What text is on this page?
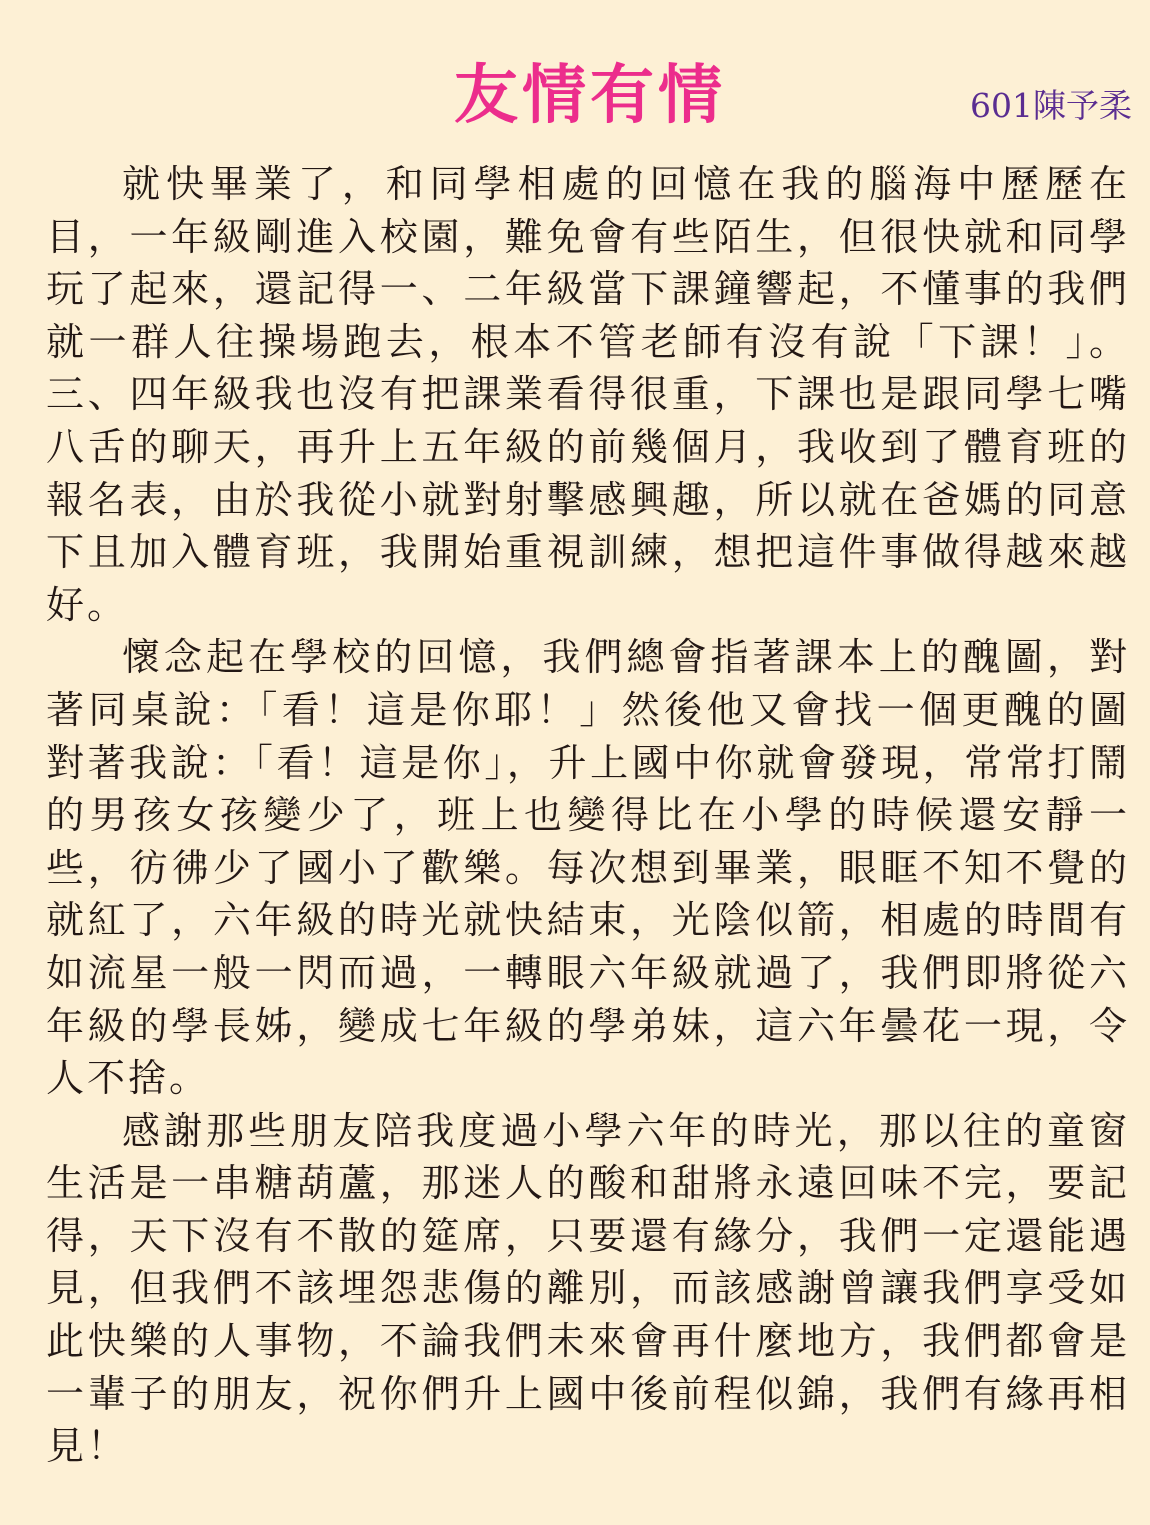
友情有情	601陳予柔

就快畢業了，和同學相處的回憶在我的腦海中歷歷在目，一年級剛進入校園，難免會有些陌生，但很快就和同學玩了起來，還記得一、二年級當下課鐘響起，不懂事的我們就一群人往操場跑去，根本不管老師有沒有說「下課！」。三、四年級我也沒有把課業看得很重，下課也是跟同學七嘴八舌的聊天，再升上五年級的前幾個月，我收到了體育班的報名表，由於我從小就對射擊感興趣，所以就在爸媽的同意下且加入體育班，我開始重視訓練，想把這件事做得越來越好。

懷念起在學校的回憶，我們總會指著課本上的醜圖，對著同桌說：「看！這是你耶！」然後他又會找一個更醜的圖對著我說：「看！這是你」，升上國中你就會發現，常常打鬧的男孩女孩變少了，班上也變得比在小學的時候還安靜一些，彷彿少了國小了歡樂。每次想到畢業，眼眶不知不覺的就紅了，六年級的時光就快結束，光陰似箭，相處的時間有如流星一般一閃而過，一轉眼六年級就過了，我們即將從六年級的學長姊，變成七年級的學弟妹，這六年曇花一現，令人不捨。

感謝那些朋友陪我度過小學六年的時光，那以往的童窗生活是一串糖葫蘆，那迷人的酸和甜將永遠回味不完，要記得，天下沒有不散的筵席，只要還有緣分，我們一定還能遇見，但我們不該埋怨悲傷的離別，而該感謝曾讓我們享受如此快樂的人事物，不論我們未來會再什麼地方，我們都會是一輩子的朋友，祝你們升上國中後前程似錦，我們有緣再相見！
